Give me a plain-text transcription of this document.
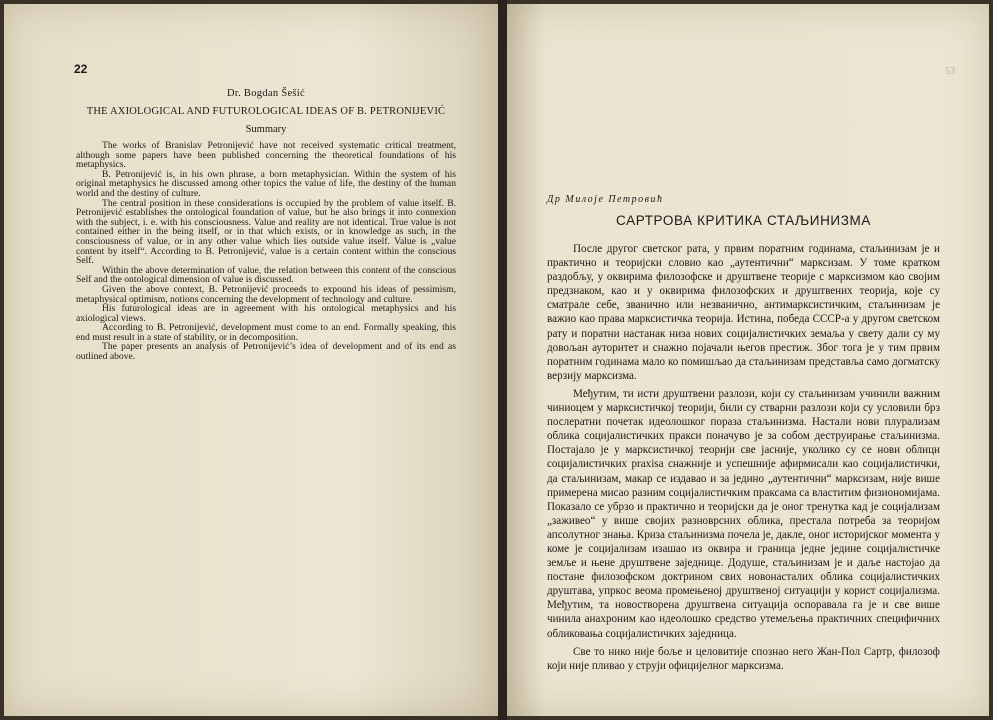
22
Dr. Bogdan Šešić
THE AXIOLOGICAL AND FUTUROLOGICAL IDEAS OF B. PETRONIJEVIĆ
Summary

The works of Branislav Petronijević have not received systematic critical treatment, although some papers have been published concerning the theoretical foundations of his metaphysics.

B. Petronijević is, in his own phrase, a born metaphysician. Within the system of his original metaphysics he discussed among other topics the value of life, the destiny of the human world and the destiny of culture.

The central position in these considerations is occupied by the problem of value itself. B. Petronijević establishes the ontological foundation of value, but he also brings it into connexion with the subject, i. e. with his consciousness. Value and reality are not identical. True value is not contained either in the being itself, or in that which exists, or in knowledge as such, in the consciousness of value, or in any other value which lies outside value itself. Value is „value content by itself“. According to B. Petronijević, value is a certain content within the conscious Self.

Within the above determination of value, the relation between this content of the conscious Self and the ontological dimension of value is discussed.

Given the above context, B. Petronijević proceeds to expound his ideas of pessimism, metaphysical optimism, notions concerning the development of technology and culture.

His futurological ideas are in agreement with his ontological metaphysics and his axiological views.

According to B. Petronijević, development must come to an end. Formally speaking, this end must result in a state of stability, or in decomposition.

The paper presents an analysis of Petronijević’s idea of development and of its end as outlined above.

53
Др Милоје Петровић
САРТРОВА КРИТИКА СТАЉИНИЗМА

После другог светског рата, у првим поратним годинама, стаљинизам је и практично и теоријски словио као „аутентични“ марксизам. У томе кратком раздобљу, у оквирима филозофске и друштвене теорије с марксизмом као својим предзнаком, као и у оквирима филозофских и друштвених теорија, које су сматрале себе, званично или незванично, антимарксистичким, стаљинизам је важио као права марксистичка теорија. Истина, победа СССР-а у другом светском рату и поратни настанак низа нових социјалистичких земаља у свету дали су му довољан ауторитет и снажно појачали његов престиж. Због тога је у тим првим поратним годинама мало ко помишљао да стаљинизам представља само догматску верзију марксизма.

Међутим, ти исти друштвени разлози, који су стаљинизам учинили важним чиниоцем у марксистичкој теорији, били су стварни разлози који су условили брз послератни почетак идеолошког пораза стаљинизма. Настали нови плурализам облика социјалистичких пракси поначуво је за собом деструирање стаљинизма. Постајало је у марксистичкој теорији све јасније, уколико су се нови облици социјалистичких praxisa снажније и успешније афирмисали као социјалистички, да стаљинизам, макар се издавао и за једино „аутентични“ марксизам, није више примерена мисао разним социјалистичким праксама са властитим физиономијама. Показало се убрзо и практично и теоријски да је оног тренутка кад је социјализам „заживео“ у више својих разноврсних облика, престала потреба за теоријом апсолутног знања. Криза стаљинизма почела је, дакле, оног историјског момента у коме је социјализам изашао из оквира и граница једне једине социјалистичке земље и њене друштвене заједнице. Додуше, стаљинизам је и даље настојао да постане филозофском доктрином свих новонасталих облика социјалистичких друштава, упркос веома промењеној друштвеној ситуацији у корист социјализма. Међутим, та новостворена друштвена ситуација оспоравала га је и све више чинила анахроним као идеолошко средство утемељења практичних специфичних обликовања социјалистичких заједница.

Све то нико није боље и целовитије спознао него Жан-Пол Сартр, филозоф који није пливао у струји официјелног марксизма.
